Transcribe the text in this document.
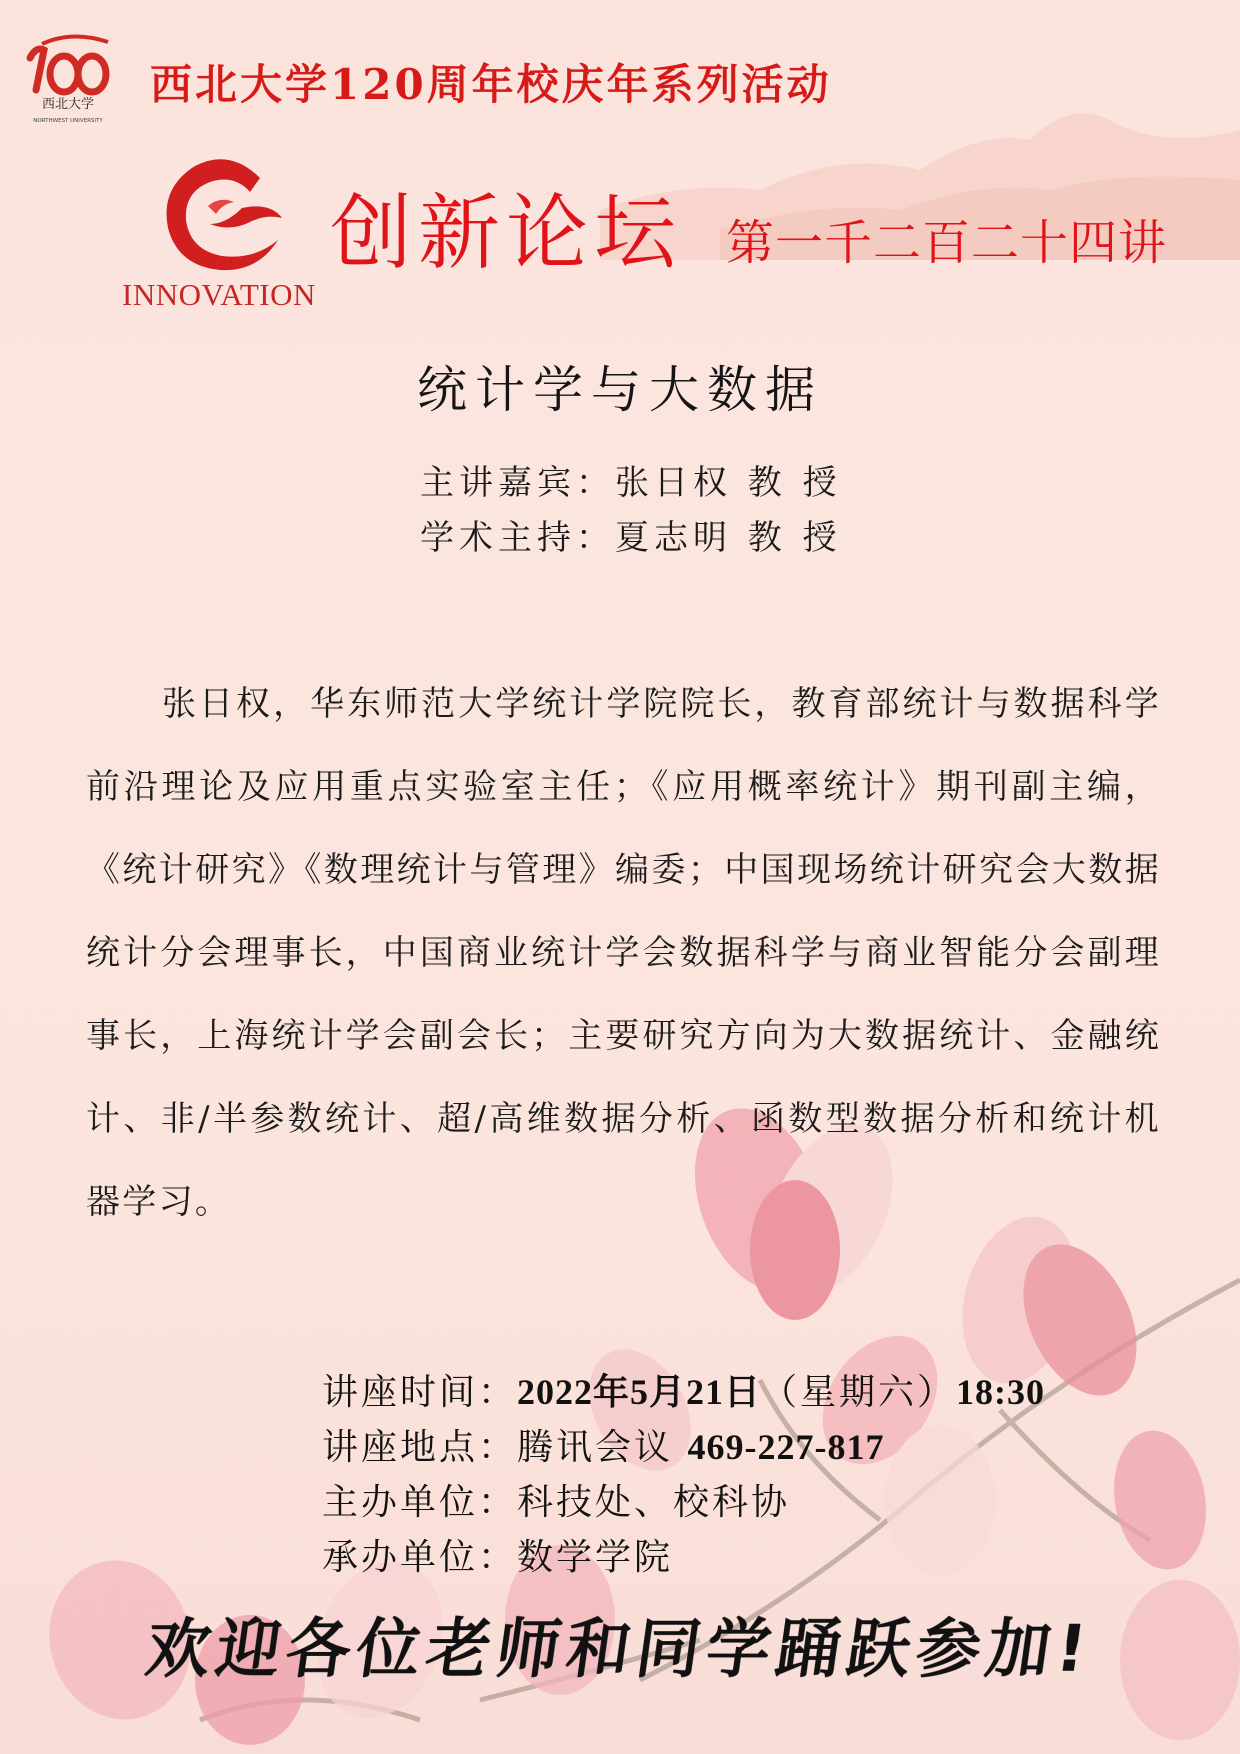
西北大学
NORTHWEST UNIVERSITY
西北大学120周年校庆年系列活动
INNOVATION
创新论坛 第一千二百二十四讲
统计学与大数据
主讲嘉宾：张日权 教 授
学术主持：夏志明 教 授
张日权，华东师范大学统计学院院长，教育部统计与数据科学前沿理论及应用重点实验室主任；《应用概率统计》期刊副主编，《统计研究》《数理统计与管理》编委；中国现场统计研究会大数据统计分会理事长，中国商业统计学会数据科学与商业智能分会副理事长，上海统计学会副会长；主要研究方向为大数据统计、金融统计、非/半参数统计、超/高维数据分析、函数型数据分析和统计机器学习。
讲座时间：2022年5月21日（星期六）18:30
讲座地点：腾讯会议 469-227-817
主办单位：科技处、校科协
承办单位：数学学院
欢迎各位老师和同学踊跃参加!
